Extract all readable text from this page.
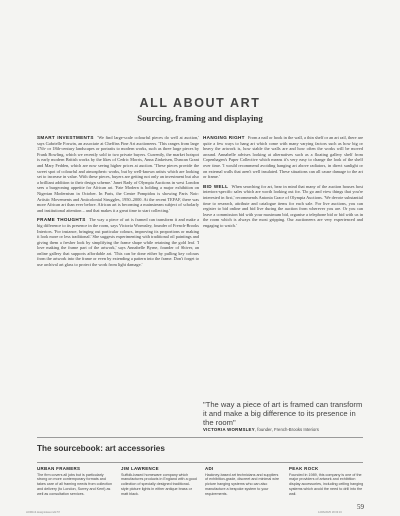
ALL ABOUT ART
Sourcing, framing and displaying

SMART INVESTMENTS 'We find large-scale colourful pieces do well at auction,' says Gabrielle Foswin, an associate at Cheffins Fine Art auctioneers. 'This ranges from large 17th- or 18th-century landscapes or portraits to modern works, such as three large pieces by Frank Bowling, which we recently sold to two private buyers. Currently, the market hotspot is early modern British works by the likes of Cedric Morris, Anna Zinkeisen, Duncan Grant and Mary Fedden, which are now seeing higher prices at auction. 'These pieces provide the sweet spot of colourful and atmospheric works, but by well-known artists which are looking set to increase in value. With these pieces, buyers are getting not only an investment but also a brilliant addition to their design scheme.' Janet Rady of Olympia Auctions in west London sees a burgeoning appetite for African art. 'Fate Modern is holding a major exhibition on Nigerian Modernism in October. In Paris, the Centre Pompidou is showing Paris Noir: Artistic Movements and Anticolonial Struggles, 1950–2000. At the recent TEFAF, there was more African art than ever before. African art is becoming a mainstream subject of scholarly and institutional attention – and that makes it a great time to start collecting.'

FRAME THOUGHTS The way a piece of art is framed can transform it and make a big difference to its presence in the room, says Victoria Wormsley, founder of French-Brooks Interiors. 'For instance, bringing out particular colours, improving its proportions or making it look more or less traditional.' She suggests experimenting with traditional oil paintings and giving them a fresher look by simplifying the frame shape while retaining the gold leaf. 'I love making the frame part of the artwork,' says Annabelle Byrne, founder of Shiver, an online gallery that supports affordable art. 'This can be done either by pulling key colours from the artwork into the frame or even by extending a pattern into the frame. Don't forget to use archival art glass to protect the work from light damage.'

HANGING RIGHT From a nail or hook in the wall, a thin shelf or an art rail, there are quite a few ways to hang art which come with many varying factors such as how big or heavy the artwork is, how stable the walls are and how often the works will be moved around. Annabelle advises looking at alternatives such as a floating gallery shelf from Copenhagen's Paper Collective which means it's very easy to change the look of the shelf over time. 'I would recommend avoiding hanging art above radiators, in direct sunlight or on external walls that aren't well insulated. These situations can all cause damage to the art or frame.'

BID WELL When searching for art, bear in mind that many of the auction houses host interiors-specific sales which are worth looking out for. 'Do go and view things that you're interested in first,' recommends Antonia Grace of Olympia Auctions. 'We devote substantial time to research, attribute and catalogue items for each sale. For live auctions, you can register to bid online and bid live during the auction from wherever you are. Or you can leave a commission bid with your maximum bid, organise a telephone bid or bid with us in the room which is always the most gripping. Our auctioneers are very experienced and engaging to watch.'

"The way a piece of art is framed can transform it and make a big difference to its presence in the room"

VICTORIA WORMSLEY, founder, French-Brooks Interiors
The sourcebook: art accessories
URBAN FRAMERS

The firm covers all jobs but is particularly strong on more contemporary formats and takes care of all framing needs from collection and delivery (to London, Surrey and Kent) as well as consultation services.

JIM LAWRENCE

Suffolk-based homeware company which manufactures products in England with a good collection of specially designed traditional-style picture lights in either antique brass or matt black.

ADI

Hackney-based art technicians and suppliers of exhibition-grade, discreet and minimal wire picture hanging systems who can also manufacture a bespoke system to your requirements.

PEAK ROCK

Founded in 1989, this company is one of the major providers of artwork and exhibition display accessories, including ceiling hanging systems which avoid the need to drill into the wall.

59
HOM113.designideas.indd 57	12/06/2025 18:33:16
